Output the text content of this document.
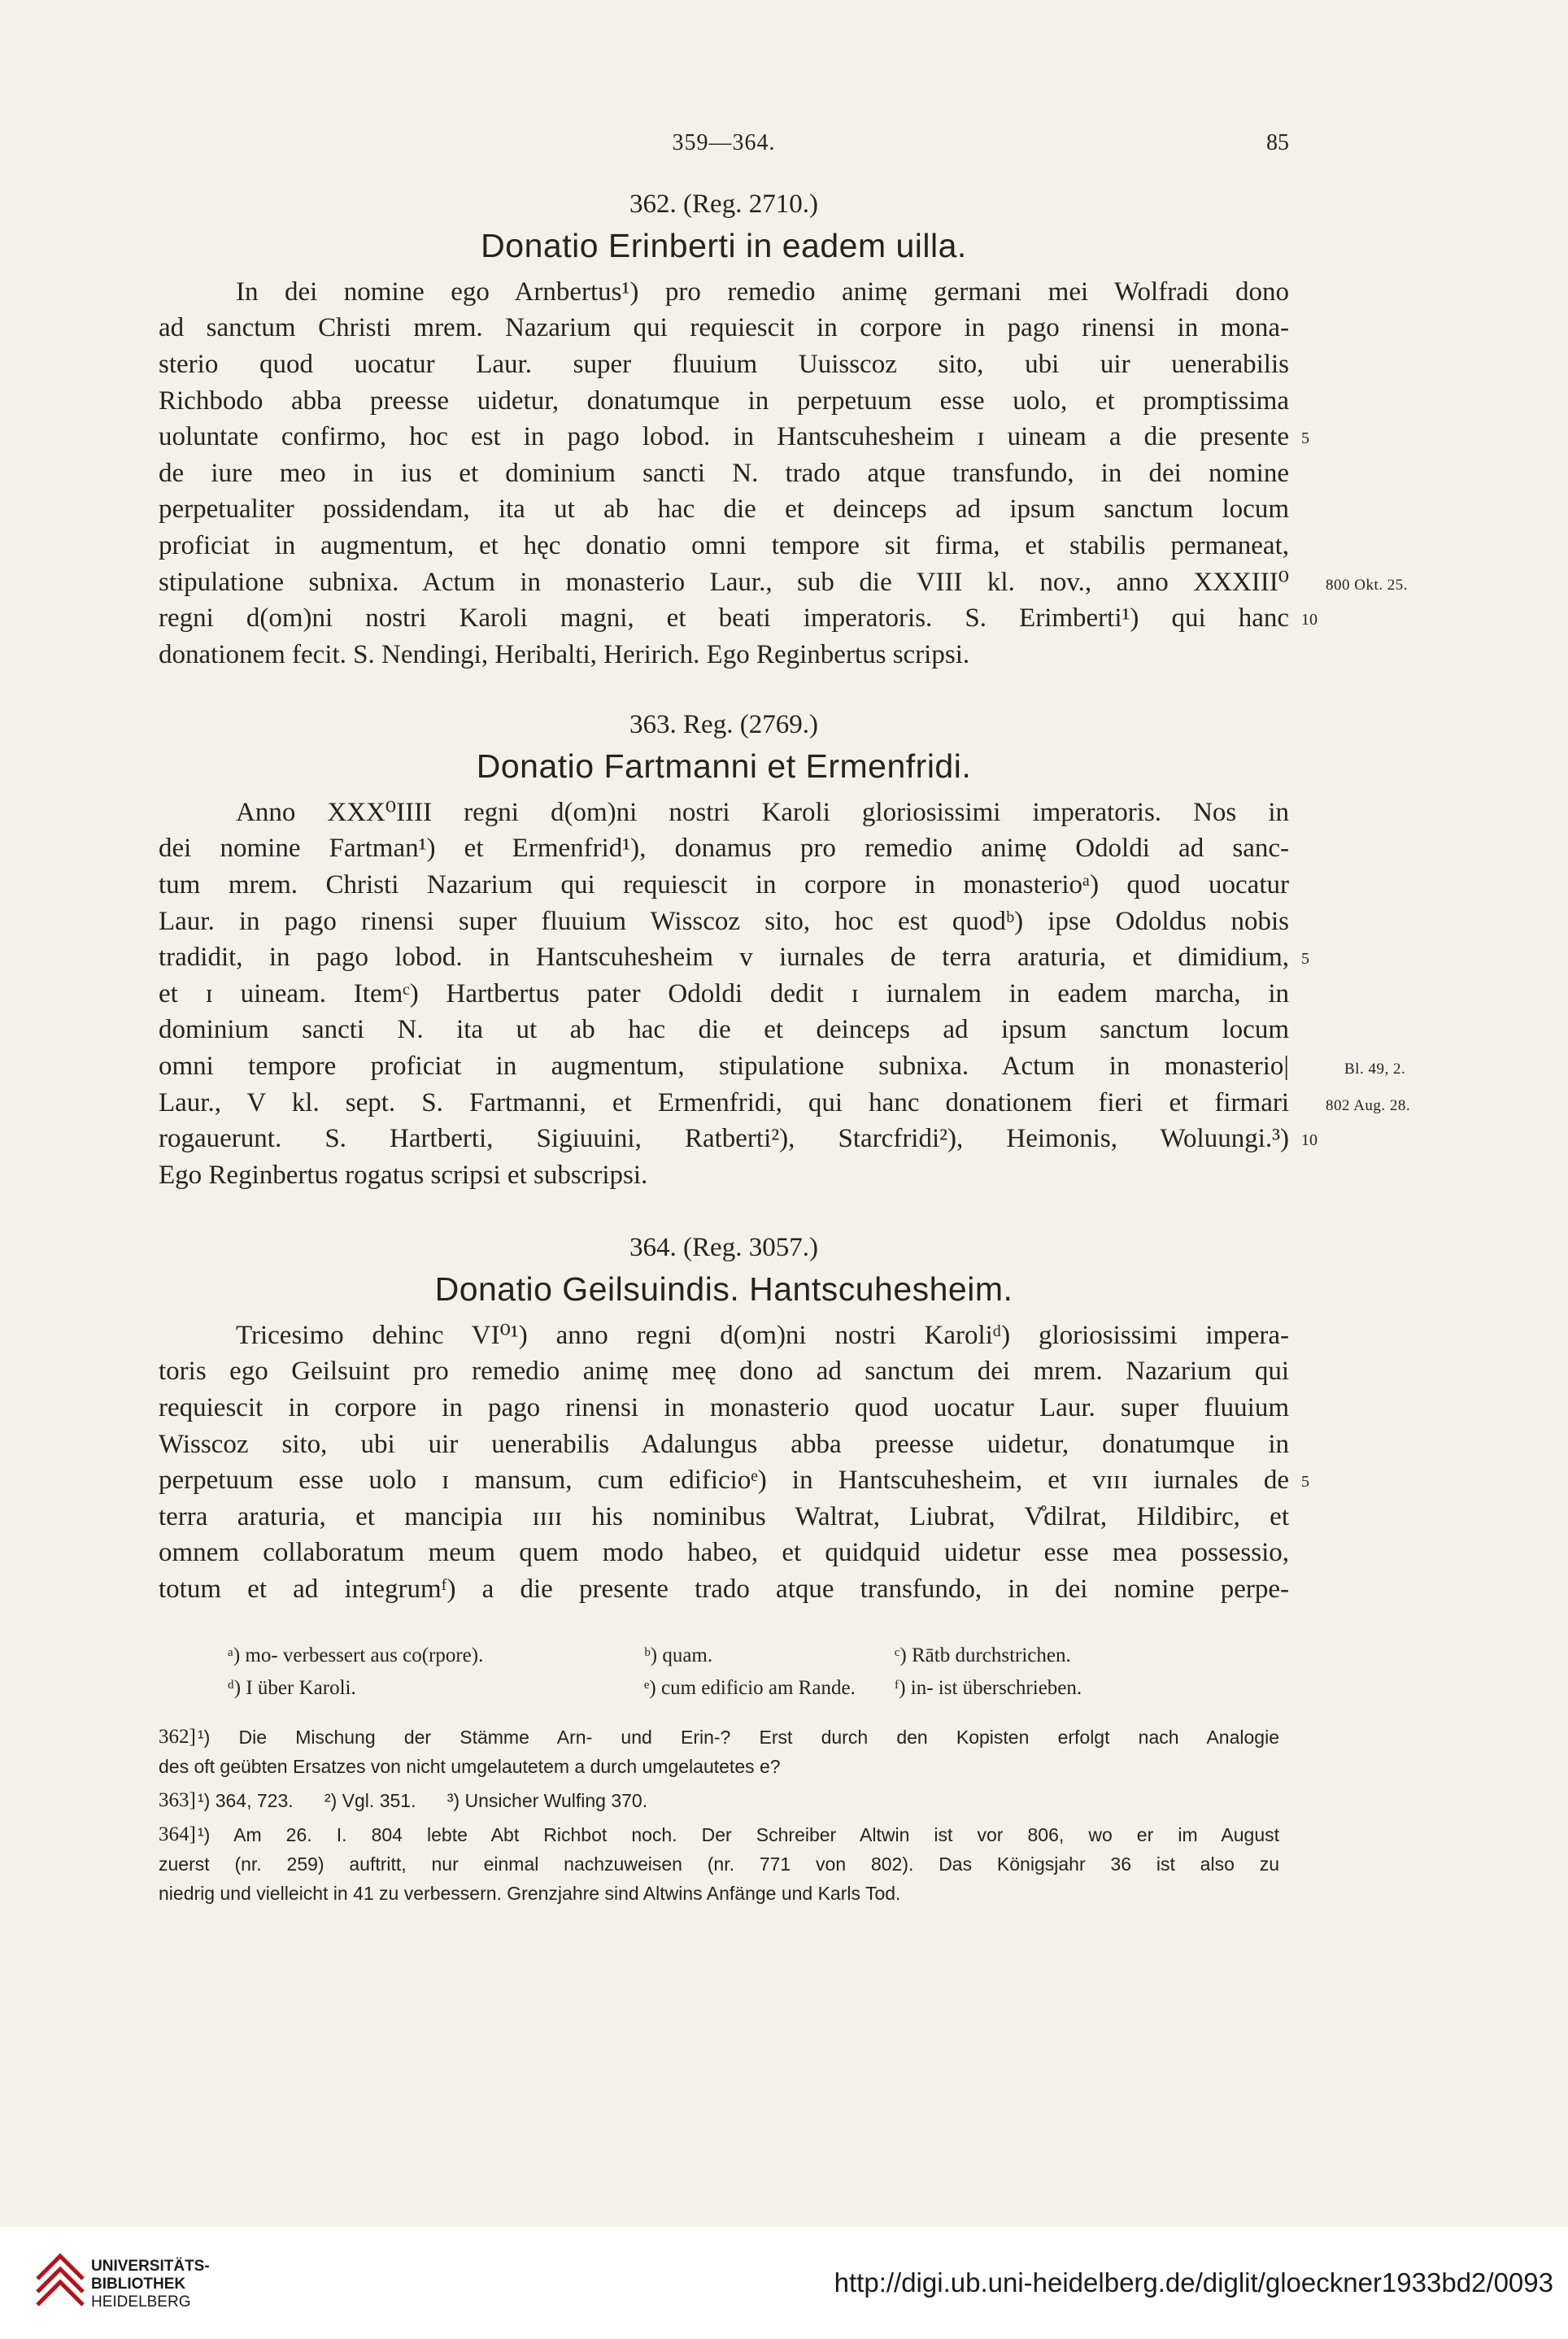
359—364.	85

362. (Reg. 2710.)

Donatio Erinberti in eadem uilla.
In dei nomine ego Arnbertus¹) pro remedio animę germani mei Wolfradi dono
ad sanctum Christi mrem. Nazarium qui requiescit in corpore in pago rinensi in mona-
sterio quod uocatur Laur. super fluuium Uuisscoz sito, ubi uir uenerabilis
Richbodo abba preesse uidetur, donatumque in perpetuum esse uolo, et promptissima
uoluntate confirmo, hoc est in pago lobod. in Hantscuhesheim ɪ uineam a die presente 5
de iure meo in ius et dominium sancti N. trado atque transfundo, in dei nomine
perpetualiter possidendam, ita ut ab hac die et deinceps ad ipsum sanctum locum
proficiat in augmentum, et hęc donatio omni tempore sit firma, et stabilis permaneat,
stipulatione subnixa. Actum in monasterio Laur., sub die VIII kl. nov., anno XXXIII⁰ 800 Okt. 25.
regni d(om)ni nostri Karoli magni, et beati imperatoris. S. Erimberti¹) qui hanc 10
donationem fecit. S. Nendingi, Heribalti, Heririch. Ego Reginbertus scripsi.

363. Reg. (2769.)

Donatio Fartmanni et Ermenfridi.
Anno XXX⁰IIII regni d(om)ni nostri Karoli gloriosissimi imperatoris. Nos in
dei nomine Fartman¹) et Ermenfrid¹), donamus pro remedio animę Odoldi ad sanc-
tum mrem. Christi Nazarium qui requiescit in corpore in monasterioᵃ) quod uocatur
Laur. in pago rinensi super fluuium Wisscoz sito, hoc est quodᵇ) ipse Odoldus nobis
tradidit, in pago lobod. in Hantscuhesheim v iurnales de terra araturia, et dimidium, 5
et ɪ uineam. Itemᶜ) Hartbertus pater Odoldi dedit ɪ iurnalem in eadem marcha, in
dominium sancti N. ita ut ab hac die et deinceps ad ipsum sanctum locum
omni tempore proficiat in augmentum, stipulatione subnixa. Actum in monasterio|	Bl. 49, 2.
Laur., V kl. sept. S. Fartmanni, et Ermenfridi, qui hanc donationem fieri et firmari 802 Aug. 28.
rogauerunt. S. Hartberti, Sigiuuini, Ratberti²), Starcfridi²), Heimonis, Woluungi.³) 10
Ego Reginbertus rogatus scripsi et subscripsi.

364. (Reg. 3057.)

Donatio Geilsuindis. Hantscuhesheim.
Tricesimo dehinc VI⁰¹) anno regni d(om)ni nostri Karoliᵈ) gloriosissimi impera-
toris ego Geilsuint pro remedio animę meę dono ad sanctum dei mrem. Nazarium qui
requiescit in corpore in pago rinensi in monasterio quod uocatur Laur. super fluuium
Wisscoz sito, ubi uir uenerabilis Adalungus abba preesse uidetur, donatumque in
perpetuum esse uolo ɪ mansum, cum edificioᵉ) in Hantscuhesheim, et ᴠɪɪɪ iurnales de 5
terra araturia, et mancipia ɪɪɪɪ his nominibus Waltrat, Liubrat, V̊dilrat, Hildibirc, et
omnem collaboratum meum quem modo habeo, et quidquid uidetur esse mea possessio,
totum et ad integrumᶠ) a die presente trado atque transfundo, in dei nomine perpe-
ᵃ) mo- verbessert aus co(rpore).	ᵇ) quam.	ᶜ) Rātb durchstrichen.
ᵈ) I über Karoli.	ᵉ) cum edificio am Rande.	ᶠ) in- ist überschrieben.
362] ¹) Die Mischung der Stämme Arn- und Erin-? Erst durch den Kopisten erfolgt nach Analogie
des oft geübten Ersatzes von nicht umgelautetem a durch umgelautetes e?
363] ¹) 364, 723.      ²) Vgl. 351.      ³) Unsicher Wulfing 370.
364] ¹) Am 26. I. 804 lebte Abt Richbot noch. Der Schreiber Altwin ist vor 806, wo er im August
zuerst (nr. 259) auftritt, nur einmal nachzuweisen (nr. 771 von 802). Das Königsjahr 36 ist also zu
niedrig und vielleicht in 41 zu verbessern. Grenzjahre sind Altwins Anfänge und Karls Tod.
UNIVERSITÄTS-
BIBLIOTHEK
HEIDELBERG
http://digi.ub.uni-heidelberg.de/diglit/gloeckner1933bd2/0093
